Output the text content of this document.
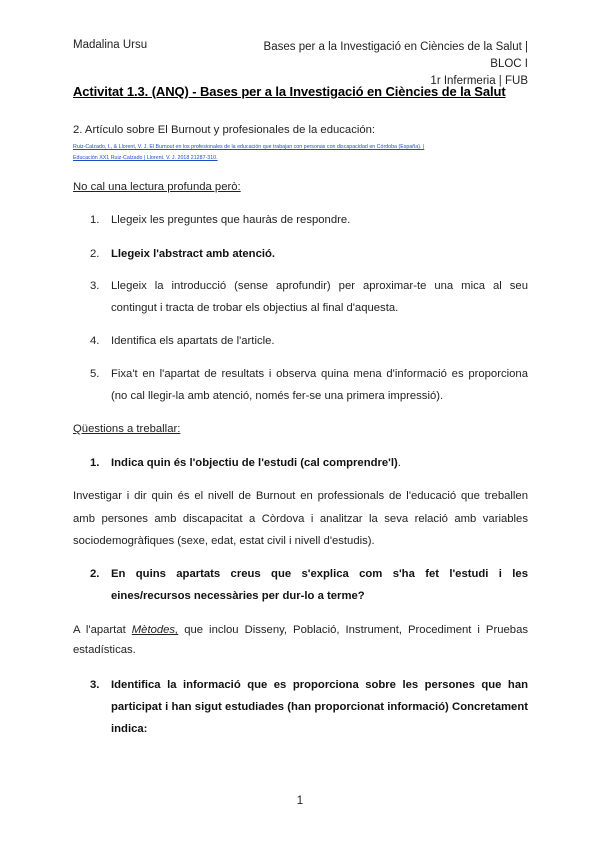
Madalina Ursu	Bases per a la Investigació en Ciències de la Salut | BLOC I
1r Infermeria | FUB
Activitat 1.3. (ANQ) - Bases per a la Investigació en Ciències de la Salut
2. Artículo sobre El Burnout y profesionales de la educación:
Ruiz-Calzado, I., & Llorent, V. J. El Burnout en los profesionales de la educación que trabajan con personas con discapacidad en Córdoba (España). |
Educación XX1 Ruiz-Calzado | Llorent. V. J. 2018 21287-310.
No cal una lectura profunda però:
1. Llegeix les preguntes que hauràs de respondre.
2. Llegeix l'abstract amb atenció.
3. Llegeix la introducció (sense aprofundir) per aproximar-te una mica al seu contingut i tracta de trobar els objectius al final d'aquesta.
4. Identifica els apartats de l'article.
5. Fixa't en l'apartat de resultats i observa quina mena d'informació es proporciona (no cal llegir-la amb atenció, només fer-se una primera impressió).
Qüestions a treballar:
1. Indica quin és l'objectiu de l'estudi (cal comprendre'l).
Investigar i dir quin és el nivell de Burnout en professionals de l'educació que treballen amb persones amb discapacitat a Còrdova i analitzar la seva relació amb variables sociodemogràfiques (sexe, edat, estat civil i nivell d'estudis).
2. En quins apartats creus que s'explica com s'ha fet l'estudi i les eines/recursos necessàries per dur-lo a terme?
A l'apartat Mètodes, que inclou Disseny, Població, Instrument, Procediment i Pruebas estadísticas.
3. Identifica la informació que es proporciona sobre les persones que han participat i han sigut estudiades (han proporcionat informació) Concretament indica:
1
